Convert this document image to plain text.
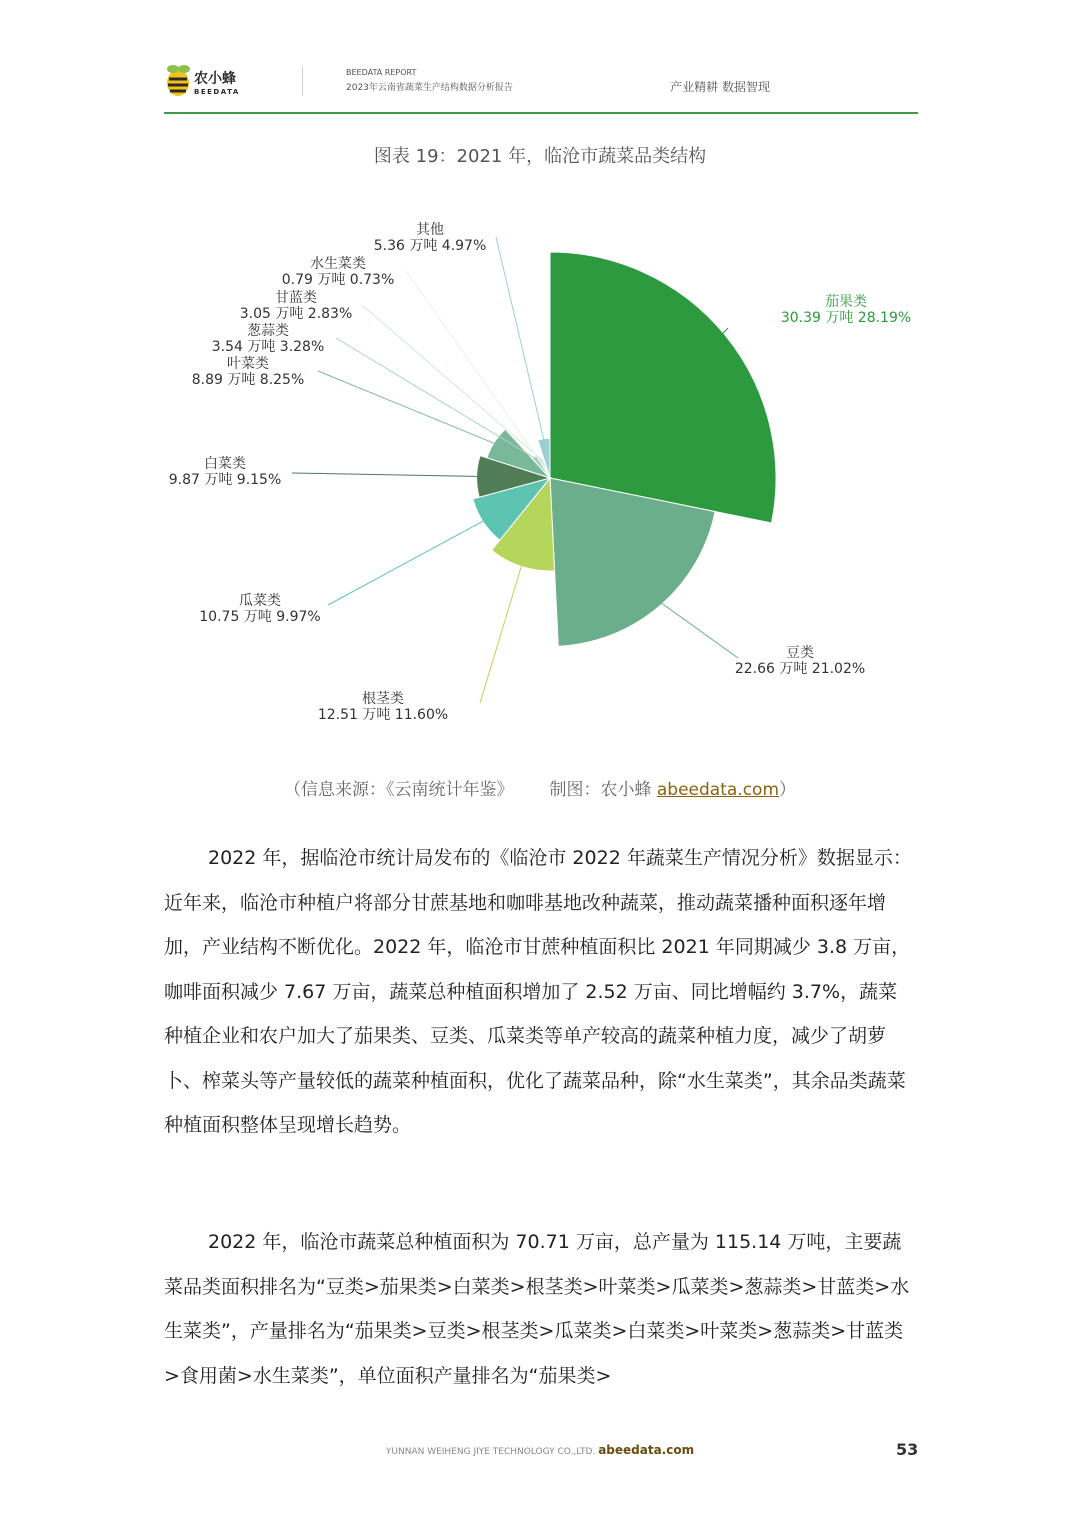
农小蜂
BEEDATA
BEEDATA REPORT
2023年云南省蔬菜生产结构数据分析报告	产业精耕 数据智现
图表 19：2021 年，临沧市蔬菜品类结构
茄果类
30.39 万吨 28.19%
豆类
22.66 万吨 21.02%
根茎类
12.51 万吨 11.60%
瓜菜类
10.75 万吨 9.97%
白菜类
9.87 万吨 9.15%
叶菜类
8.89 万吨 8.25%
葱蒜类
3.54 万吨 3.28%
甘蓝类
3.05 万吨 2.83%
水生菜类
0.79 万吨 0.73%
其他
5.36 万吨 4.97%
（信息来源：《云南统计年鉴》 制图：农小蜂 abeedata.com）

2022 年，据临沧市统计局发布的《临沧市 2022 年蔬菜生产情况分析》数据显示：近年来，临沧市种植户将部分甘蔗基地和咖啡基地改种蔬菜，推动蔬菜播种面积逐年增加，产业结构不断优化。2022 年，临沧市甘蔗种植面积比 2021 年同期减少 3.8 万亩，咖啡面积减少 7.67 万亩，蔬菜总种植面积增加了 2.52 万亩、同比增幅约 3.7%，蔬菜种植企业和农户加大了茄果类、豆类、瓜菜类等单产较高的蔬菜种植力度，减少了胡萝卜、榨菜头等产量较低的蔬菜种植面积，优化了蔬菜品种，除“水生菜类”，其余品类蔬菜种植面积整体呈现增长趋势。

2022 年，临沧市蔬菜总种植面积为 70.71 万亩，总产量为 115.14 万吨，主要蔬菜品类面积排名为“豆类>茄果类>白菜类>根茎类>叶菜类>瓜菜类>葱蒜类>甘蓝类>水生菜类”，产量排名为“茄果类>豆类>根茎类>瓜菜类>白菜类>叶菜类>葱蒜类>甘蓝类>食用菌>水生菜类”，单位面积产量排名为“茄果类>

YUNNAN WEIHENG JIYE TECHNOLOGY CO.,LTD. abeedata.com	53
